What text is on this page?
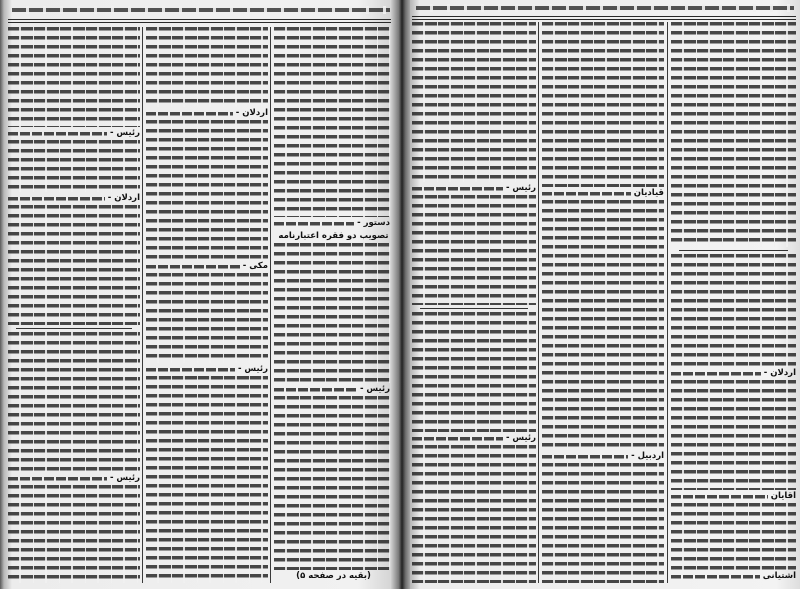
رئیس -
اردلان -
رئیس -
اردلان -
مکی -
رئیس -
دستور -
تصویب دو فقره اعتبارنامه
رئیس -
(بقیه در صفحه ۵)
رئیس -
رئیس -
قیادیان
اردبیل -
اردلان -
آقایان
آشتیانی
